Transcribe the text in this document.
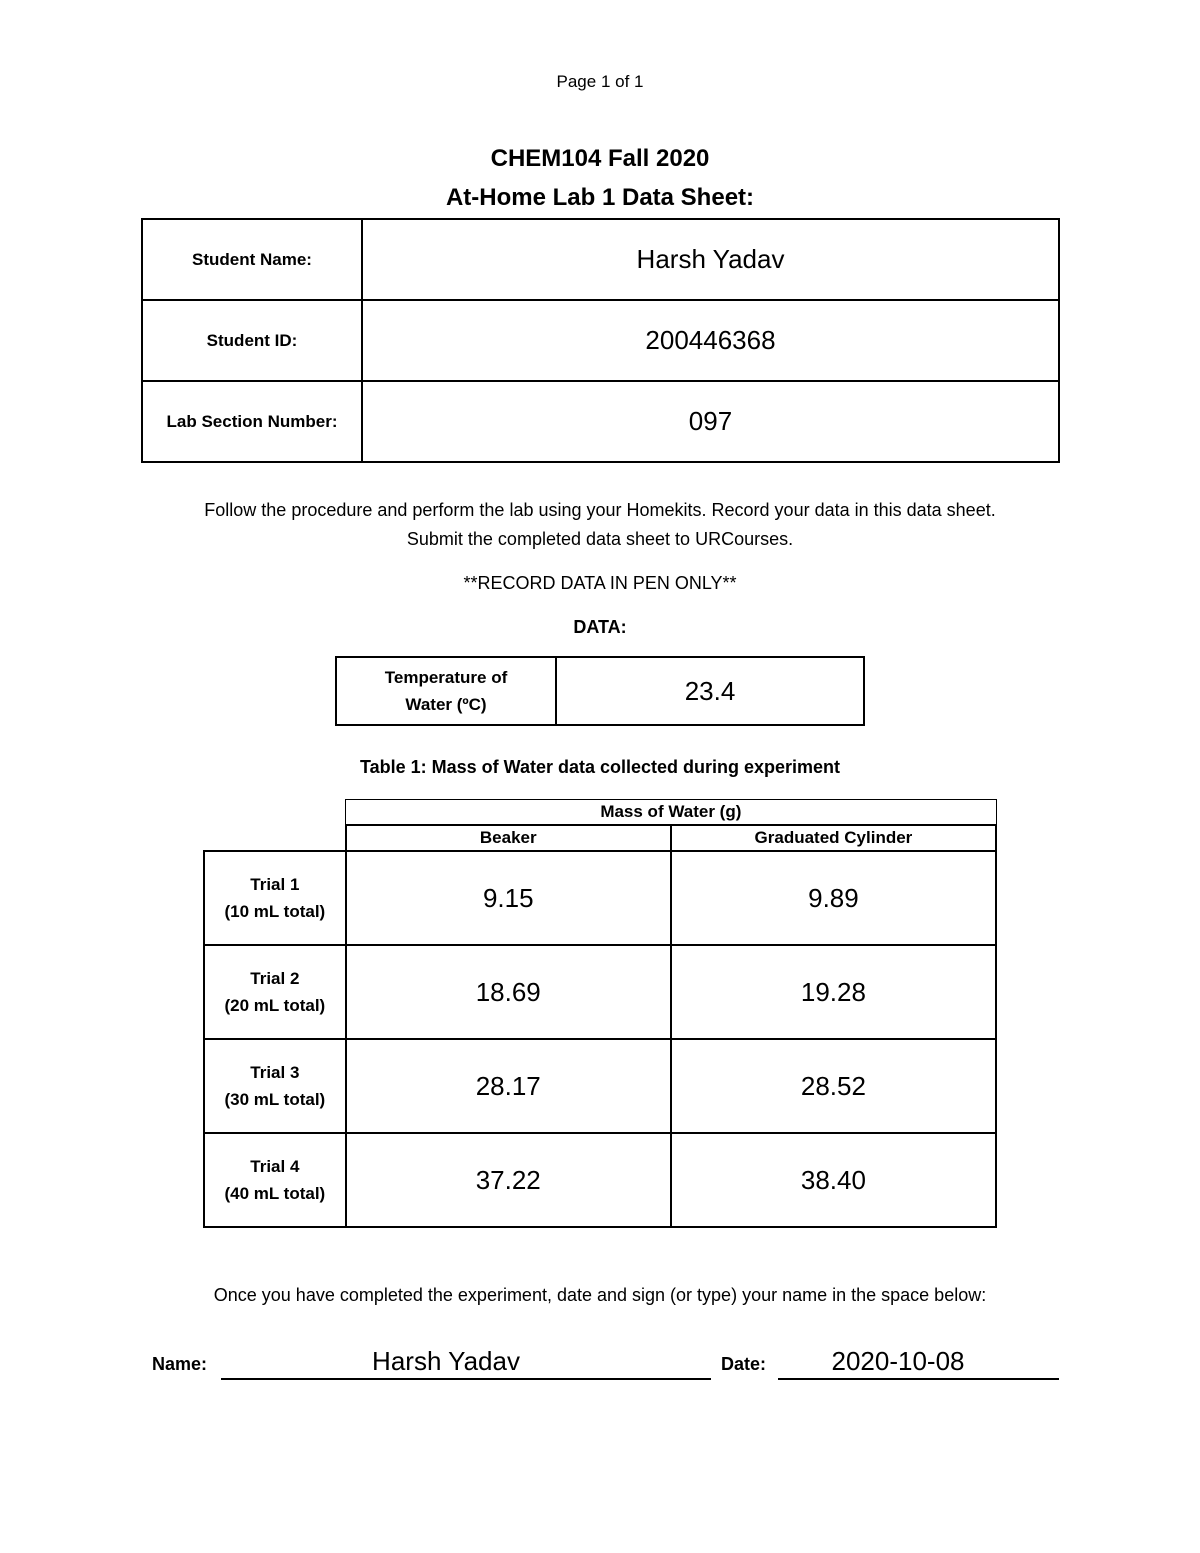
Page 1 of 1
CHEM104 Fall 2020
At-Home Lab 1 Data Sheet:
Student Name:	Harsh Yadav
Student ID:	200446368
Lab Section Number:	097
Follow the procedure and perform the lab using your Homekits. Record your data in this data sheet.
Submit the completed data sheet to URCourses.
**RECORD DATA IN PEN ONLY**
DATA:
Temperature of
Water (ºC)	23.4
Table 1: Mass of Water data collected during experiment
	Mass of Water (g)	
	Beaker	Graduated Cylinder

Trial 1
(10 mL total)	9.15	9.89

Trial 2
(20 mL total)	18.69	19.28

Trial 3
(30 mL total)	28.17	28.52

Trial 4
(40 mL total)	37.22	38.40
Once you have completed the experiment, date and sign (or type) your name in the space below:
Name:	Harsh Yadav	Date:	2020-10-08
